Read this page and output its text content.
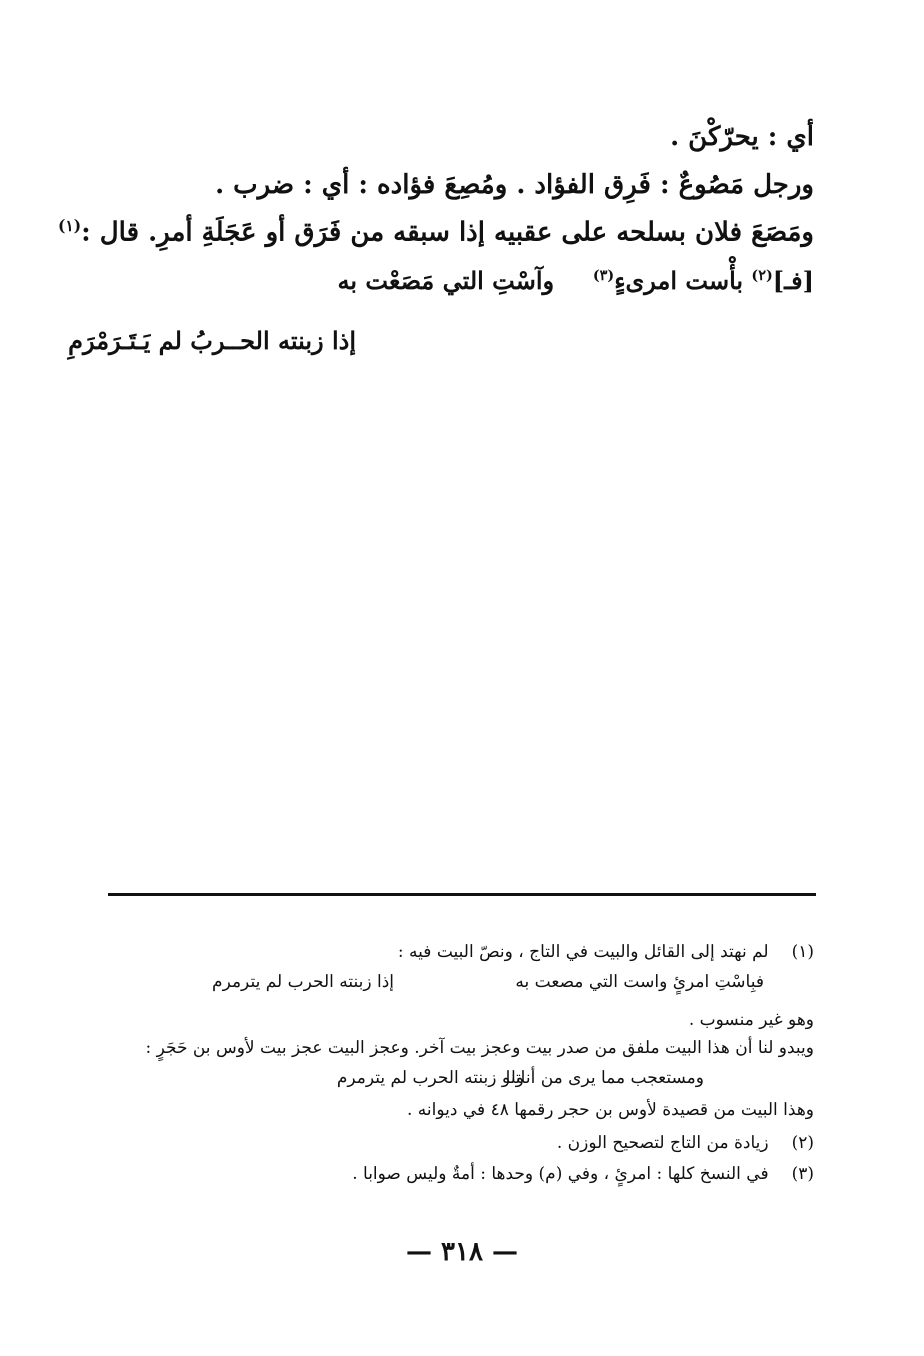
أي : يحرّكْنَ .
ورجل مَصُوعٌ : فَرِق الفؤاد . ومُصِعَ فؤاده : أي : ضرب .
ومَصَعَ فلان بسلحه على عقبيه إذا سبقه من فَرَق أو عَجَلَةِ أمرِ. قال :$^{(١)}$
[فـ]$^{(٢)}$ بأْست امرىءٍ$^{(٣)}$  وآسْتِ التي مَصَعْت به
إذا زبنته الحــربُ لم يَـتَـرَمْرَمِ
(١) لم نهتد إلى القائل والبيت في التاج ، ونصّ البيت فيه :
فبِاسْتِ امرئٍ واست التي مصعت به
إذا زبنته الحرب لم يترمرم
وهو غير منسوب .
ويبدو لنا أن هذا البيت ملفق من صدر بيت وعجز بيت آخر. وعجز البيت عجز بيت لأوس بن حَجَرٍ :
ومستعجب مما يرى من أناتنا
ولو زبنته الحرب لم يترمرم
وهذا البيت من قصيدة لأوس بن حجر رقمها ٤٨ في ديوانه .
(٢) زيادة من التاج لتصحيح الوزن .
(٣) في النسخ كلها : امرئٍ ، وفي (م) وحدها : أمةٌ وليس صوابا .
— ٣١٨ —
